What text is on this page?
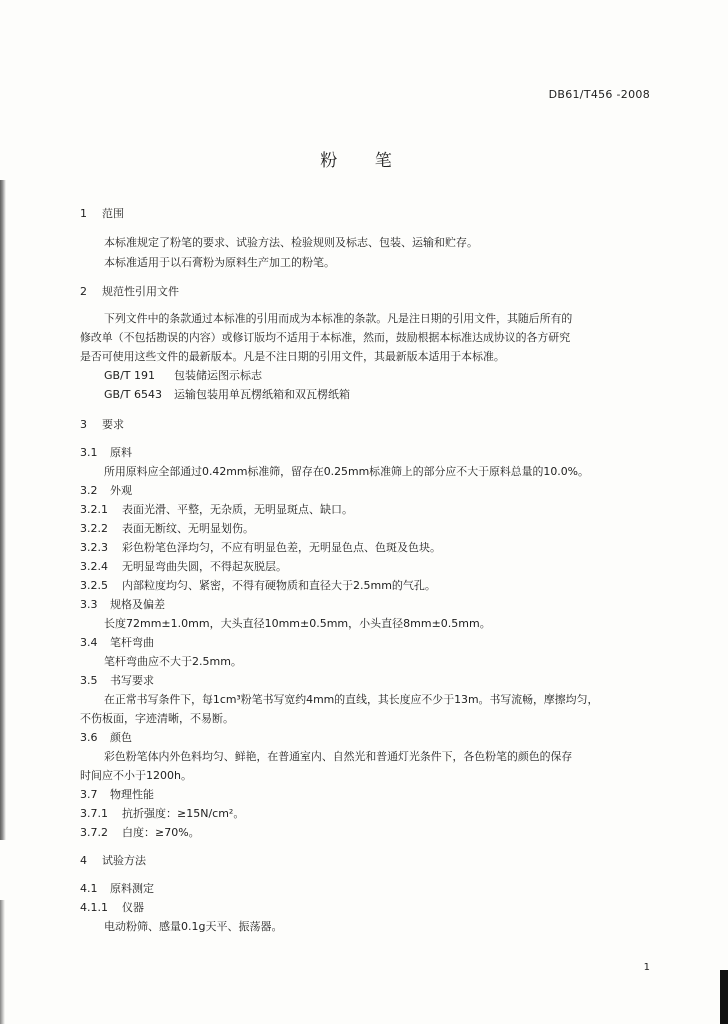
DB61/T456 -2008
粉 笔
1 范围
本标准规定了粉笔的要求、试验方法、检验规则及标志、包装、运输和贮存。
本标准适用于以石膏粉为原料生产加工的粉笔。
2 规范性引用文件
下列文件中的条款通过本标准的引用而成为本标准的条款。凡是注日期的引用文件，其随后所有的
修改单（不包括勘误的内容）或修订版均不适用于本标准，然而，鼓励根据本标准达成协议的各方研究
是否可使用这些文件的最新版本。凡是不注日期的引用文件，其最新版本适用于本标准。
GB/T 191 包装储运图示标志
GB/T 6543 运输包装用单瓦楞纸箱和双瓦楞纸箱
3 要求
3.1 原料
所用原料应全部通过0.42mm标准筛，留存在0.25mm标准筛上的部分应不大于原料总量的10.0%。
3.2 外观
3.2.1 表面光滑、平整，无杂质，无明显斑点、缺口。
3.2.2 表面无断纹、无明显划伤。
3.2.3 彩色粉笔色泽均匀，不应有明显色差，无明显色点、色斑及色块。
3.2.4 无明显弯曲失圆，不得起灰脱层。
3.2.5 内部粒度均匀、紧密，不得有硬物质和直径大于2.5mm的气孔。
3.3 规格及偏差
长度72mm±1.0mm，大头直径10mm±0.5mm，小头直径8mm±0.5mm。
3.4 笔杆弯曲
笔杆弯曲应不大于2.5mm。
3.5 书写要求
在正常书写条件下，每1cm³粉笔书写宽约4mm的直线，其长度应不少于13m。书写流畅，摩擦均匀，
不伤板面，字迹清晰，不易断。
3.6 颜色
彩色粉笔体内外色料均匀、鲜艳，在普通室内、自然光和普通灯光条件下，各色粉笔的颜色的保存
时间应不小于1200h。
3.7 物理性能
3.7.1 抗折强度：≥15N/cm²。
3.7.2 白度：≥70%。
4 试验方法
4.1 原料测定
4.1.1 仪器
电动粉筛、感量0.1g天平、振荡器。
1
